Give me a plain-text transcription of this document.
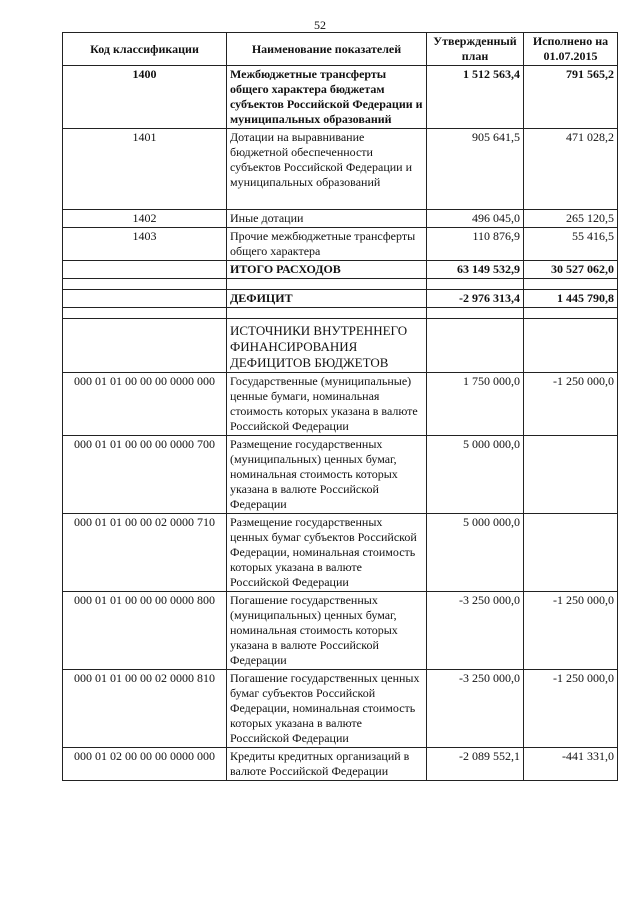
52
Код классификации	Наименование показателей	Утвержденный план	Исполнено на 01.07.2015
1400	Межбюджетные трансферты общего характера бюджетам субъектов Российской Федерации и муниципальных образований	1 512 563,4	791 565,2
1401	Дотации на выравнивание бюджетной обеспеченности субъектов Российской Федерации и муниципальных образований	905 641,5	471 028,2
1402	Иные дотации	496 045,0	265 120,5
1403	Прочие межбюджетные трансферты общего характера	110 876,9	55 416,5
	ИТОГО РАСХОДОВ	63 149 532,9	30 527 062,0

	ДЕФИЦИТ	-2 976 313,4	1 445 790,8

	ИСТОЧНИКИ ВНУТРЕННЕГО ФИНАНСИРОВАНИЯ ДЕФИЦИТОВ БЮДЖЕТОВ		
000 01 01 00 00 00 0000 000	Государственные (муниципальные) ценные бумаги, номинальная стоимость которых указана в валюте Российской Федерации	1 750 000,0	-1 250 000,0
000 01 01 00 00 00 0000 700	Размещение государственных (муниципальных) ценных бумаг, номинальная стоимость которых указана в валюте Российской Федерации	5 000 000,0	
000 01 01 00 00 02 0000 710	Размещение государственных ценных бумаг субъектов Российской Федерации, номинальная стоимость которых указана в валюте Российской Федерации	5 000 000,0	
000 01 01 00 00 00 0000 800	Погашение государственных (муниципальных) ценных бумаг, номинальная стоимость которых указана в валюте Российской Федерации	-3 250 000,0	-1 250 000,0
000 01 01 00 00 02 0000 810	Погашение государственных ценных бумаг субъектов Российской Федерации, номинальная стоимость которых указана в валюте Российской Федерации	-3 250 000,0	-1 250 000,0
000 01 02 00 00 00 0000 000	Кредиты кредитных организаций в валюте Российской Федерации	-2 089 552,1	-441 331,0
